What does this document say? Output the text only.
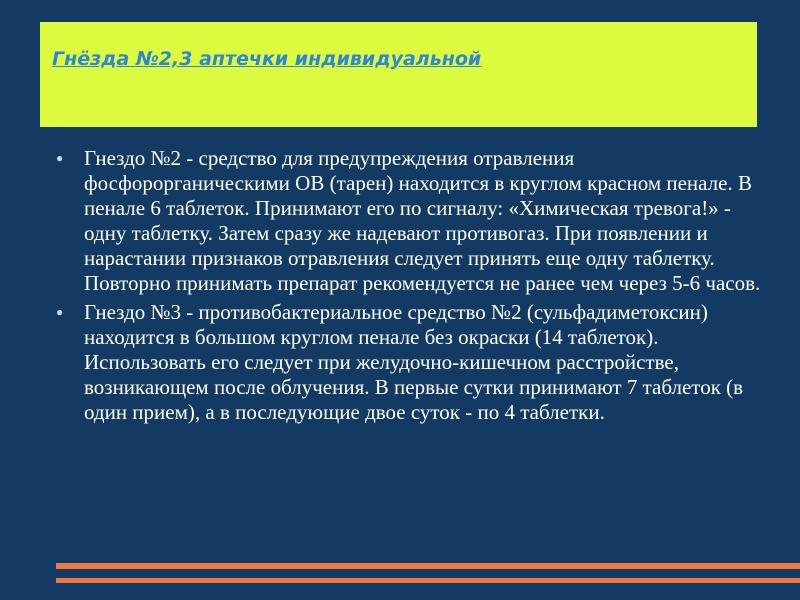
Гнёзда №2,3 аптечки индивидуальной
● Гнездо №2 - средство для предупреждения отравления фосфорорганическими ОВ (тарен) находится в круглом красном пенале. В пенале 6 таблеток. Принимают его по сигналу: «Химическая тревога!» - одну таблетку. Затем сразу же надевают противогаз. При появлении и нарастании признаков отравления следует принять еще одну таблетку. Повторно принимать препарат рекомендуется не ранее чем через 5-6 часов.
● Гнездо №3 - противобактериальное средство №2 (сульфадиметоксин) находится в большом круглом пенале без окраски (14 таблеток). Использовать его следует при желудочно-кишечном расстройстве, возникающем после облучения. В первые сутки принимают 7 таблеток (в один прием), а в последующие двое суток - по 4 таблетки.
